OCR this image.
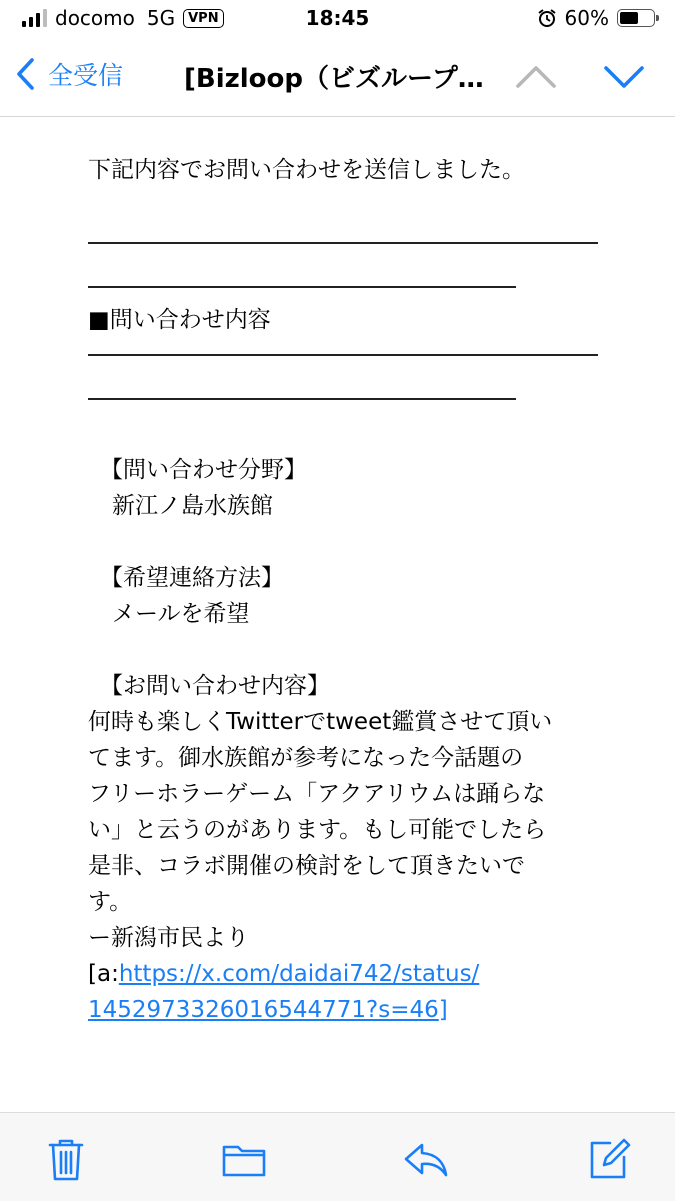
docomo 5G	VPN	18:45	60%
全受信 [Bizloop（ビズループ…

下記内容でお問い合わせを送信しました。

■問い合わせ内容

【問い合わせ分野】

新江ノ島水族館

【希望連絡方法】

メールを希望

【お問い合わせ内容】

何時も楽しくTwitterでtweet鑑賞させて頂い

てます。御水族館が参考になった今話題の

フリーホラーゲーム「アクアリウムは踊らな

い」と云うのがあります。もし可能でしたら

是非、コラボ開催の検討をして頂きたいで

す。

ー新潟市民より

[a:https://x.com/daidai742/status/

1452973326016544771?s=46]
